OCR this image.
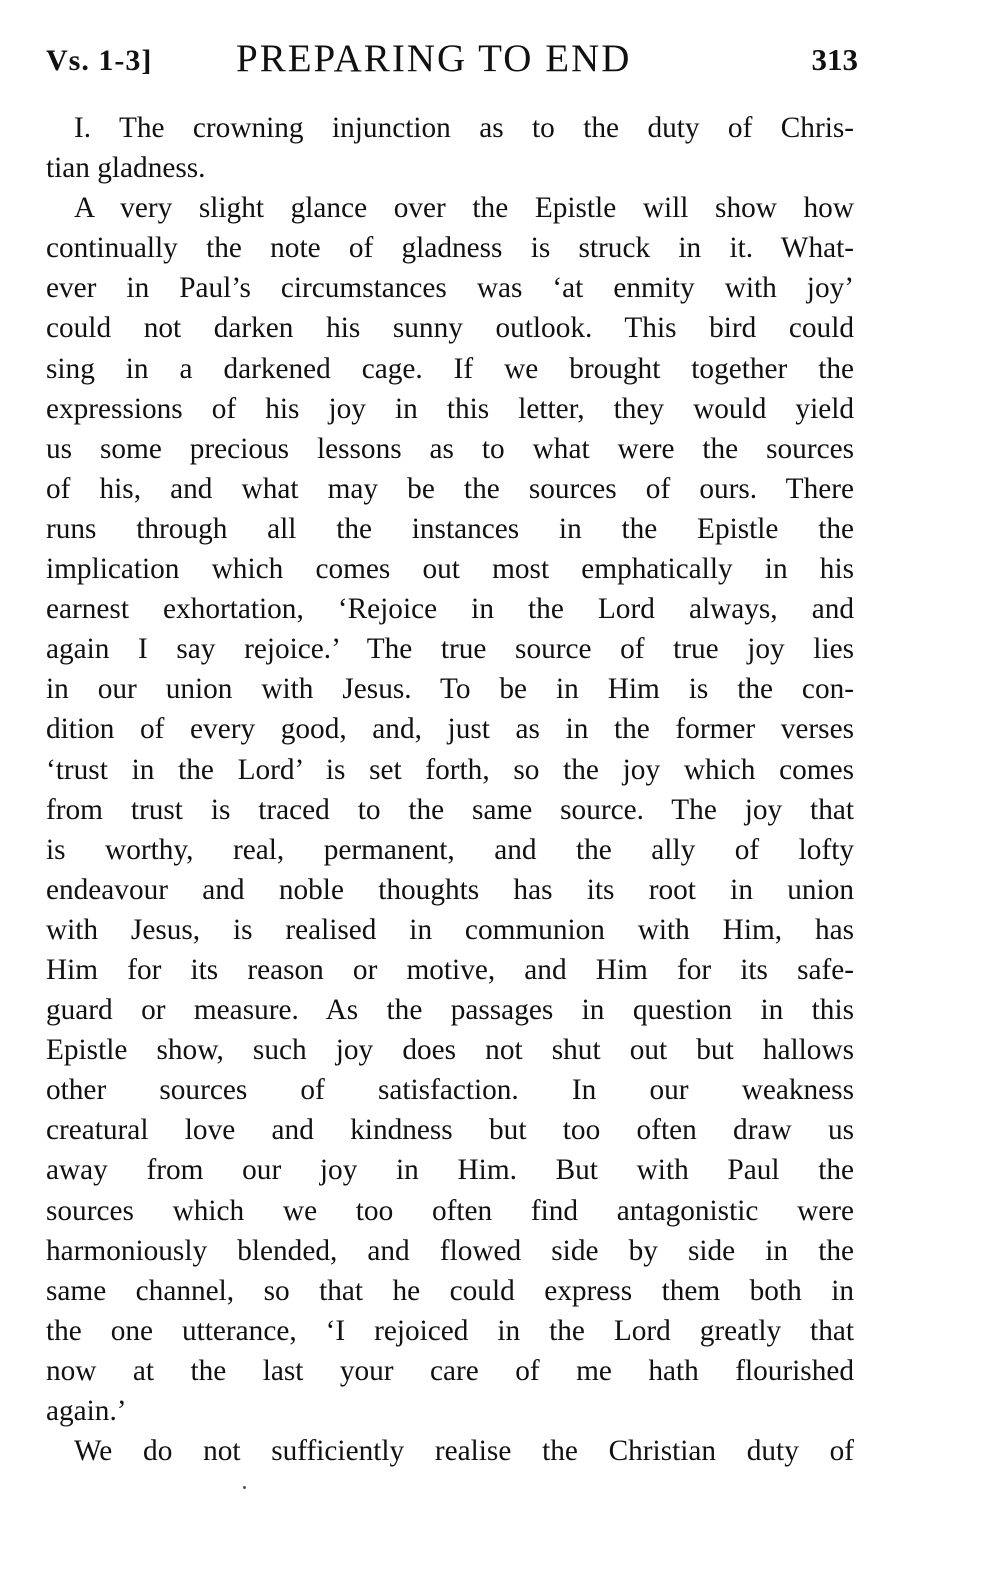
Vs. 1-3] PREPARING TO END	313
I. The crowning injunction as to the duty of Chris-
tian gladness.
A very slight glance over the Epistle will show how
continually the note of gladness is struck in it. What-
ever in Paul’s circumstances was ‘at enmity with joy’
could not darken his sunny outlook. This bird could
sing in a darkened cage. If we brought together the
expressions of his joy in this letter, they would yield
us some precious lessons as to what were the sources
of his, and what may be the sources of ours. There
runs through all the instances in the Epistle the
implication which comes out most emphatically in his
earnest exhortation, ‘Rejoice in the Lord always, and
again I say rejoice.’ The true source of true joy lies
in our union with Jesus. To be in Him is the con-
dition of every good, and, just as in the former verses
‘trust in the Lord’ is set forth, so the joy which comes
from trust is traced to the same source. The joy that
is worthy, real, permanent, and the ally of lofty
endeavour and noble thoughts has its root in union
with Jesus, is realised in communion with Him, has
Him for its reason or motive, and Him for its safe-
guard or measure. As the passages in question in this
Epistle show, such joy does not shut out but hallows
other sources of satisfaction. In our weakness
creatural love and kindness but too often draw us
away from our joy in Him. But with Paul the
sources which we too often find antagonistic were
harmoniously blended, and flowed side by side in the
same channel, so that he could express them both in
the one utterance, ‘I rejoiced in the Lord greatly that
now at the last your care of me hath flourished
again.’
We do not sufficiently realise the Christian duty of
